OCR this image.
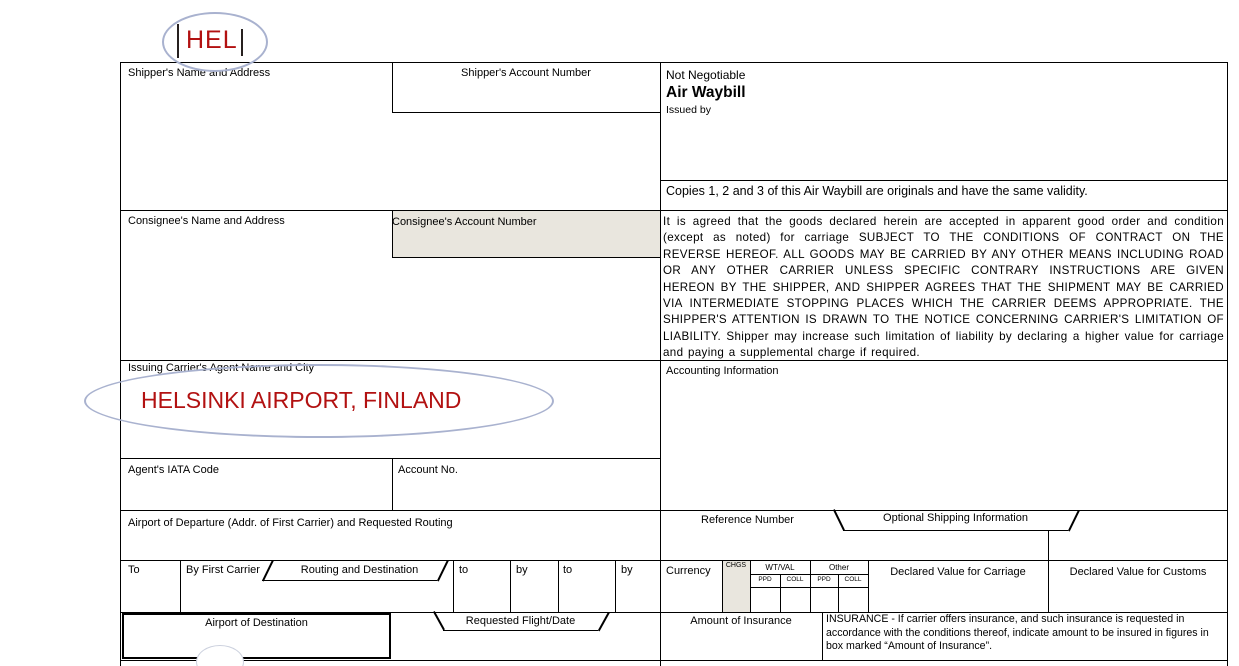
Shipper's Name and Address	Shipper's Account Number
Consignee's Name and Address	Consignee's Account Number
Issuing Carrier's Agent Name and City
Agent's IATA Code	Account No.
Airport of Departure (Addr. of First Carrier) and Requested Routing
Not Negotiable
Air Waybill
Issued by
Copies 1, 2 and 3 of this Air Waybill are originals and have the same validity.
It is agreed that the goods declared herein are accepted in apparent good order and condition (except as noted) for carriage SUBJECT TO THE CONDITIONS OF CONTRACT ON THE REVERSE HEREOF. ALL GOODS MAY BE CARRIED BY ANY OTHER MEANS INCLUDING ROAD OR ANY OTHER CARRIER UNLESS SPECIFIC CONTRARY INSTRUCTIONS ARE GIVEN HEREON BY THE SHIPPER, AND SHIPPER AGREES THAT THE SHIPMENT MAY BE CARRIED VIA INTERMEDIATE STOPPING PLACES WHICH THE CARRIER DEEMS APPROPRIATE. THE SHIPPER'S ATTENTION IS DRAWN TO THE NOTICE CONCERNING CARRIER'S LIMITATION OF LIABILITY. Shipper may increase such limitation of liability by declaring a higher value for carriage and paying a supplemental charge if required.
Accounting Information
Reference Number	Optional Shipping Information
To	By First Carrier	Routing and Destination	to	by	to	by	Currency	CHGS	WT/VAL	Other
PPD	COLL	PPD	COLL
Declared Value for Carriage	Declared Value for Customs
Airport of Destination	Requested Flight/Date	Amount of Insurance	INSURANCE - If carrier offers insurance, and such insurance is requested in accordance with the conditions thereof, indicate amount to be insured in figures in box marked “Amount of Insurance”.
HEL
HELSINKI AIRPORT, FINLAND
